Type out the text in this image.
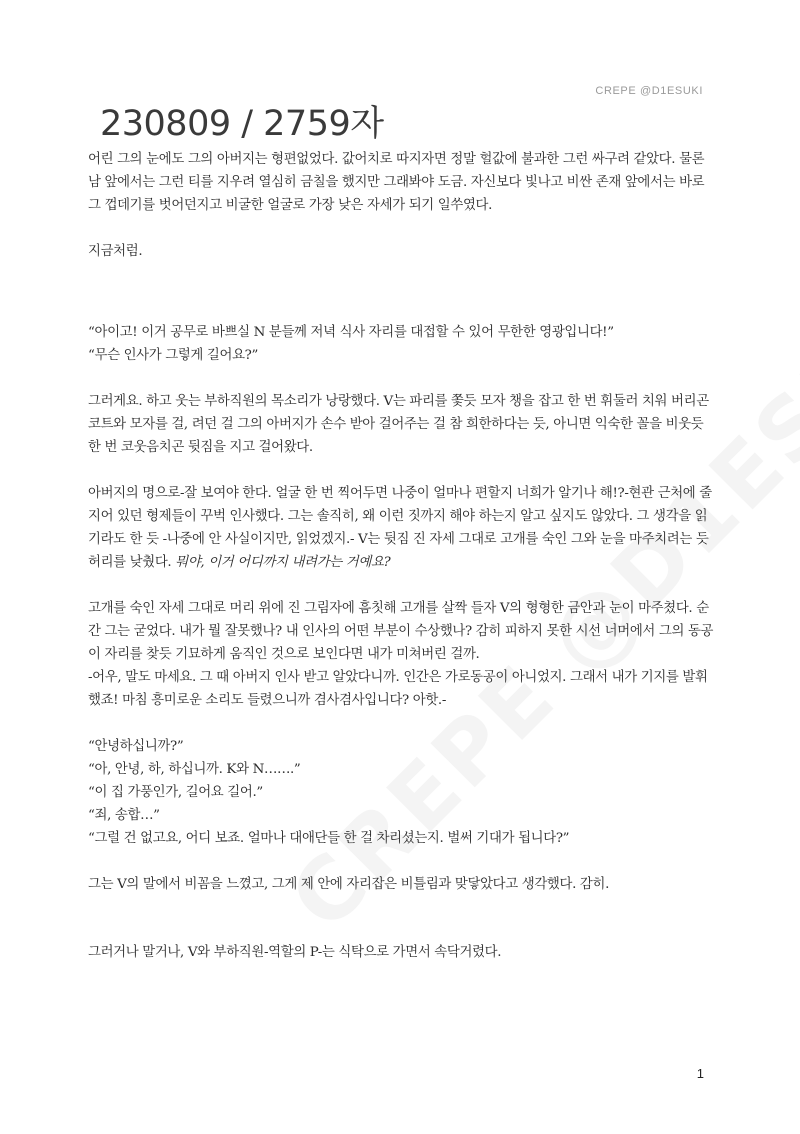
CREPE @D1ESUKI
230809 / 2759자

어린 그의 눈에도 그의 아버지는 형편없었다. 값어치로 따지자면 정말 헐값에 불과한 그런 싸구려 같았다. 물론 남 앞에서는 그런 티를 지우려 열심히 금칠을 했지만 그래봐야 도금. 자신보다 빛나고 비싼 존재 앞에서는 바로 그 껍데기를 벗어던지고 비굴한 얼굴로 가장 낮은 자세가 되기 일쑤였다.

지금처럼.

“아이고! 이거 공무로 바쁘실 N 분들께 저녁 식사 자리를 대접할 수 있어 무한한 영광입니다!”
“무슨 인사가 그렇게 길어요?”

그러게요. 하고 웃는 부하직원의 목소리가 낭랑했다. V는 파리를 쫓듯 모자 챙을 잡고 한 번 휘둘러 치워 버리곤 코트와 모자를 걸, 려던 걸 그의 아버지가 손수 받아 걸어주는 걸 참 희한하다는 듯, 아니면 익숙한 꼴을 비웃듯 한 번 코웃음치곤 뒷짐을 지고 걸어왔다.

아버지의 명으로-잘 보여야 한다. 얼굴 한 번 찍어두면 나중이 얼마나 편할지 너희가 알기나 해!?-현관 근처에 줄지어 있던 형제들이 꾸벅 인사했다. 그는 솔직히, 왜 이런 짓까지 해야 하는지 알고 싶지도 않았다. 그 생각을 읽기라도 한 듯 -나중에 안 사실이지만, 읽었겠지.- V는 뒷짐 진 자세 그대로 고개를 숙인 그와 눈을 마주치려는 듯 허리를 낮췄다. 뭐야, 이거 어디까지 내려가는 거예요?

고개를 숙인 자세 그대로 머리 위에 진 그림자에 흠칫해 고개를 살짝 들자 V의 형형한 금안과 눈이 마주쳤다. 순간 그는 굳었다. 내가 뭘 잘못했나? 내 인사의 어떤 부분이 수상했나? 감히 피하지 못한 시선 너머에서 그의 동공이 자리를 찾듯 기묘하게 움직인 것으로 보인다면 내가 미쳐버린 걸까.
-어우, 말도 마세요. 그 때 아버지 인사 받고 알았다니까. 인간은 가로동공이 아니었지. 그래서 내가 기지를 발휘했죠! 마침 흥미로운 소리도 들렸으니까 겸사겸사입니다? 아핫.-

“안녕하십니까?”
“아, 안녕, 하, 하십니까. K와 N…….”
“이 집 가풍인가, 길어요 길어.”
“죄, 송합…”
“그럴 건 없고요, 어디 보죠. 얼마나 대애단들 한 걸 차리셨는지. 벌써 기대가 됩니다?”

그는 V의 말에서 비꼼을 느꼈고, 그게 제 안에 자리잡은 비틀림과 맞닿았다고 생각했다. 감히.

그러거나 말거나, V와 부하직원-역할의 P-는 식탁으로 가면서 속닥거렸다.

1
